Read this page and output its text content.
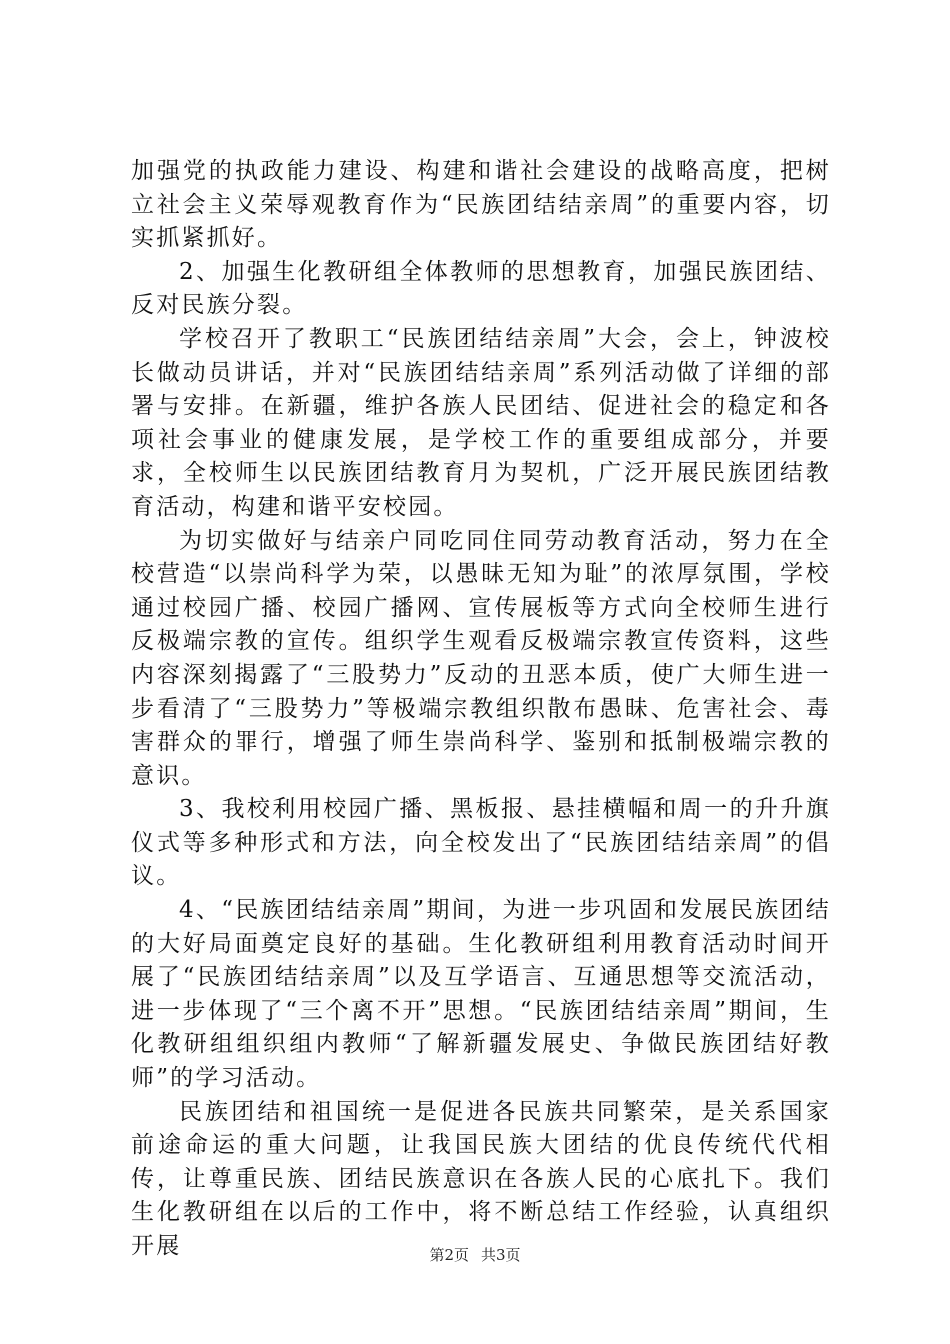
加强党的执政能力建设、构建和谐社会建设的战略高度，把树立社会主义荣辱观教育作为“民族团结结亲周”的重要内容，切实抓紧抓好。

2、加强生化教研组全体教师的思想教育，加强民族团结、反对民族分裂。

学校召开了教职工“民族团结结亲周”大会，会上，钟波校长做动员讲话，并对“民族团结结亲周”系列活动做了详细的部署与安排。在新疆，维护各族人民团结、促进社会的稳定和各项社会事业的健康发展，是学校工作的重要组成部分，并要求，全校师生以民族团结教育月为契机，广泛开展民族团结教育活动，构建和谐平安校园。

为切实做好与结亲户同吃同住同劳动教育活动，努力在全校营造“以崇尚科学为荣，以愚昧无知为耻”的浓厚氛围，学校通过校园广播、校园广播网、宣传展板等方式向全校师生进行反极端宗教的宣传。组织学生观看反极端宗教宣传资料，这些内容深刻揭露了“三股势力”反动的丑恶本质，使广大师生进一步看清了“三股势力”等极端宗教组织散布愚昧、危害社会、毒害群众的罪行，增强了师生崇尚科学、鉴别和抵制极端宗教的意识。

3、我校利用校园广播、黑板报、悬挂横幅和周一的升升旗仪式等多种形式和方法，向全校发出了“民族团结结亲周”的倡议。

4、“民族团结结亲周”期间，为进一步巩固和发展民族团结的大好局面奠定良好的基础。生化教研组利用教育活动时间开展了“民族团结结亲周”以及互学语言、互通思想等交流活动，进一步体现了“三个离不开”思想。“民族团结结亲周”期间，生化教研组组织组内教师“了解新疆发展史、争做民族团结好教师”的学习活动。

民族团结和祖国统一是促进各民族共同繁荣，是关系国家前途命运的重大问题，让我国民族大团结的优良传统代代相传，让尊重民族、团结民族意识在各族人民的心底扎下。我们生化教研组在以后的工作中，将不断总结工作经验，认真组织开展	第2页 共3页
